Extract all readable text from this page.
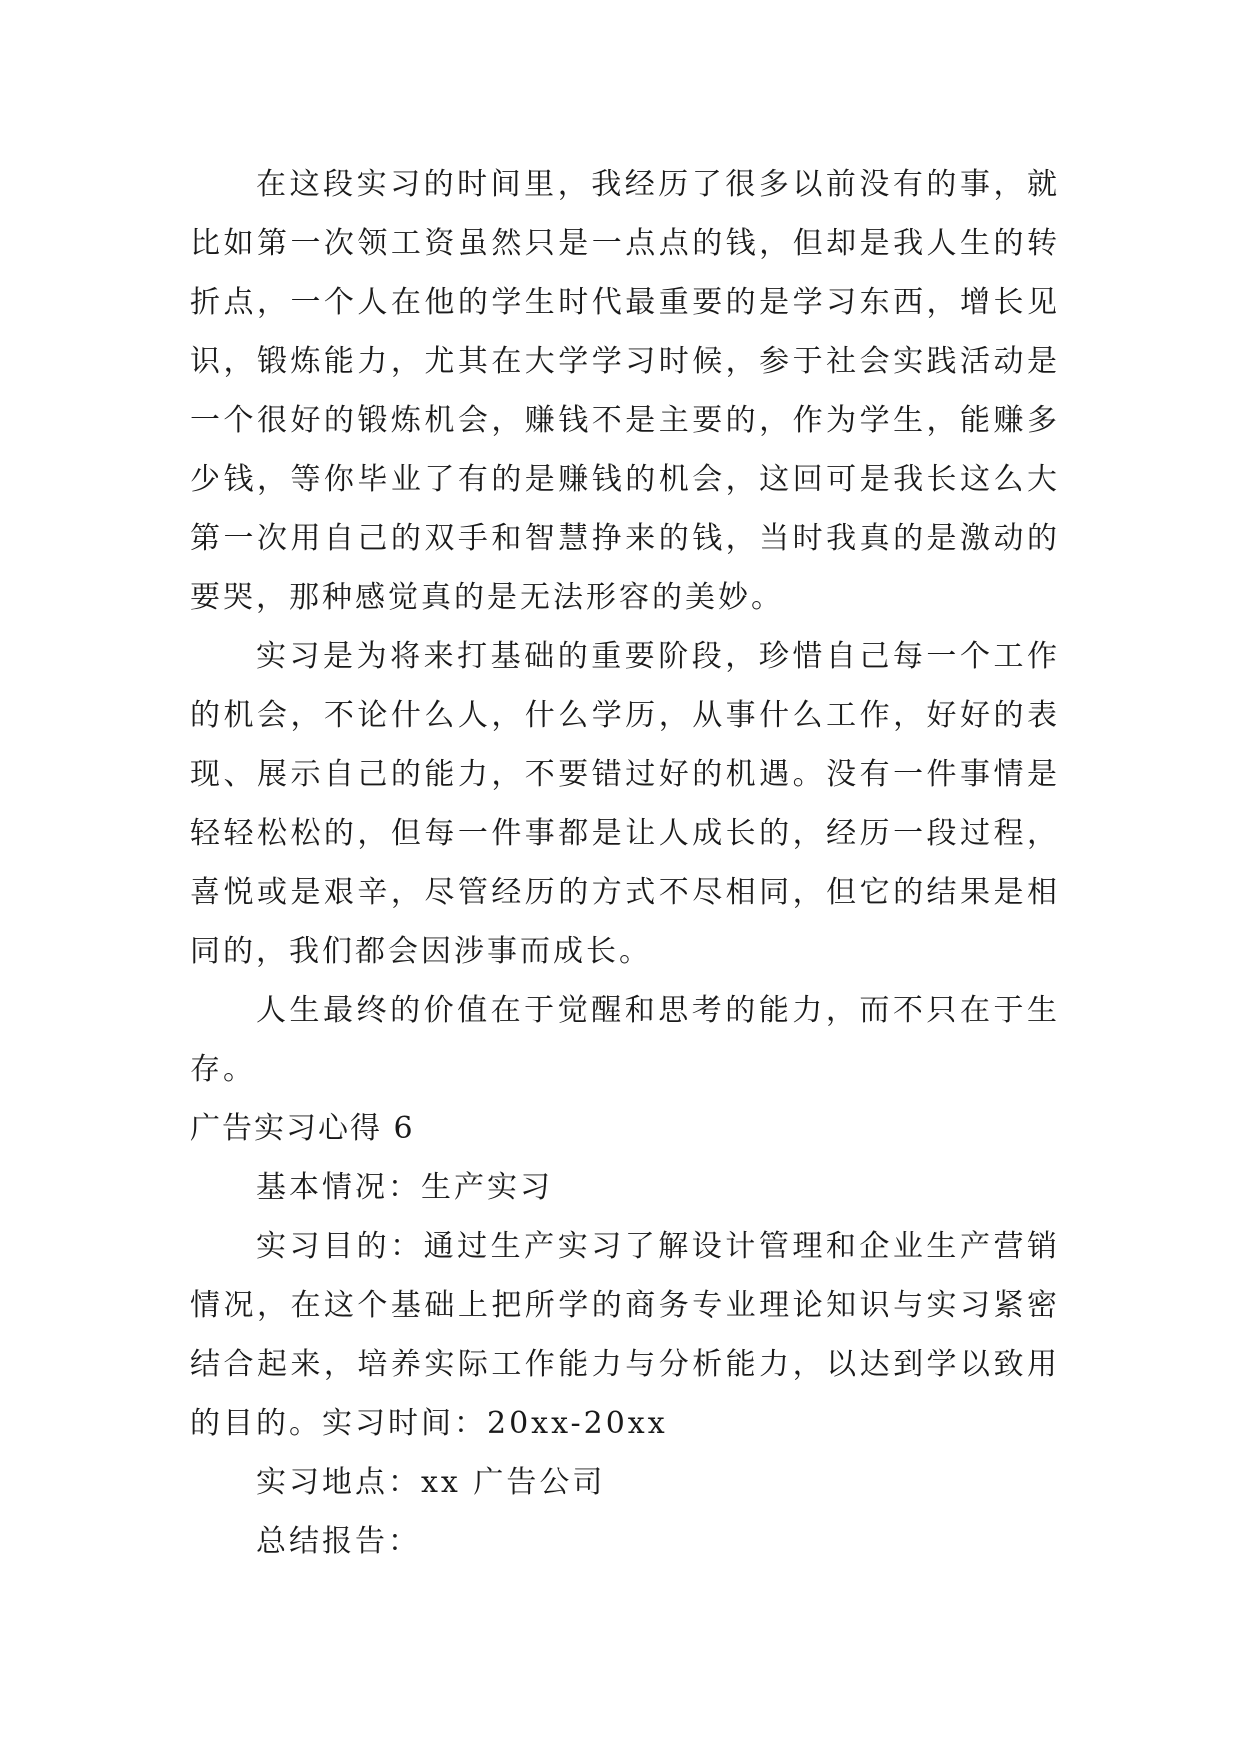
在这段实习的时间里，我经历了很多以前没有的事，就比如第一次领工资虽然只是一点点的钱，但却是我人生的转折点，一个人在他的学生时代最重要的是学习东西，增长见识，锻炼能力，尤其在大学学习时候，参于社会实践活动是一个很好的锻炼机会，赚钱不是主要的，作为学生，能赚多少钱，等你毕业了有的是赚钱的机会，这回可是我长这么大第一次用自己的双手和智慧挣来的钱，当时我真的是激动的要哭，那种感觉真的是无法形容的美妙。

实习是为将来打基础的重要阶段，珍惜自己每一个工作的机会，不论什么人，什么学历，从事什么工作，好好的表现、展示自己的能力，不要错过好的机遇。没有一件事情是轻轻松松的，但每一件事都是让人成长的，经历一段过程，喜悦或是艰辛，尽管经历的方式不尽相同，但它的结果是相同的，我们都会因涉事而成长。

人生最终的价值在于觉醒和思考的能力，而不只在于生存。

广告实习心得 6

基本情况：生产实习

实习目的：通过生产实习了解设计管理和企业生产营销情况，在这个基础上把所学的商务专业理论知识与实习紧密结合起来，培养实际工作能力与分析能力，以达到学以致用的目的。实习时间：20xx-20xx

实习地点：xx 广告公司

总结报告：
